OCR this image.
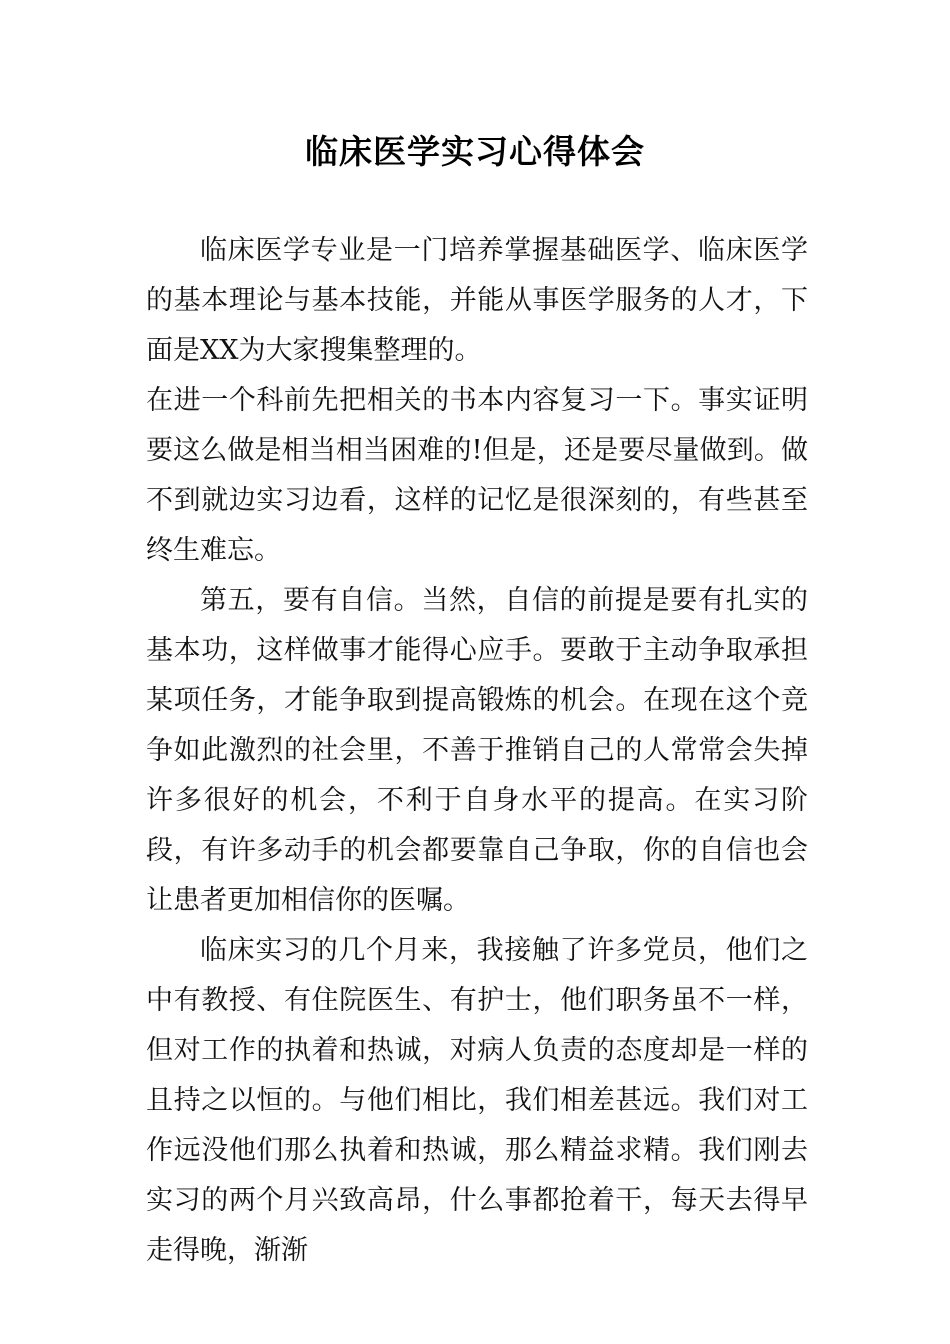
临床医学实习心得体会

临床医学专业是一门培养掌握基础医学、临床医学的基本理论与基本技能，并能从事医学服务的人才，下面是XX为大家搜集整理的。

在进一个科前先把相关的书本内容复习一下。事实证明要这么做是相当相当困难的!但是，还是要尽量做到。做不到就边实习边看，这样的记忆是很深刻的，有些甚至终生难忘。

第五，要有自信。当然，自信的前提是要有扎实的基本功，这样做事才能得心应手。要敢于主动争取承担某项任务，才能争取到提高锻炼的机会。在现在这个竞争如此激烈的社会里，不善于推销自己的人常常会失掉许多很好的机会，不利于自身水平的提高。在实习阶段，有许多动手的机会都要靠自己争取，你的自信也会让患者更加相信你的医嘱。

临床实习的几个月来，我接触了许多党员，他们之中有教授、有住院医生、有护士，他们职务虽不一样，但对工作的执着和热诚，对病人负责的态度却是一样的且持之以恒的。与他们相比，我们相差甚远。我们对工作远没他们那么执着和热诚，那么精益求精。我们刚去实习的两个月兴致高昂，什么事都抢着干，每天去得早走得晚，渐渐
